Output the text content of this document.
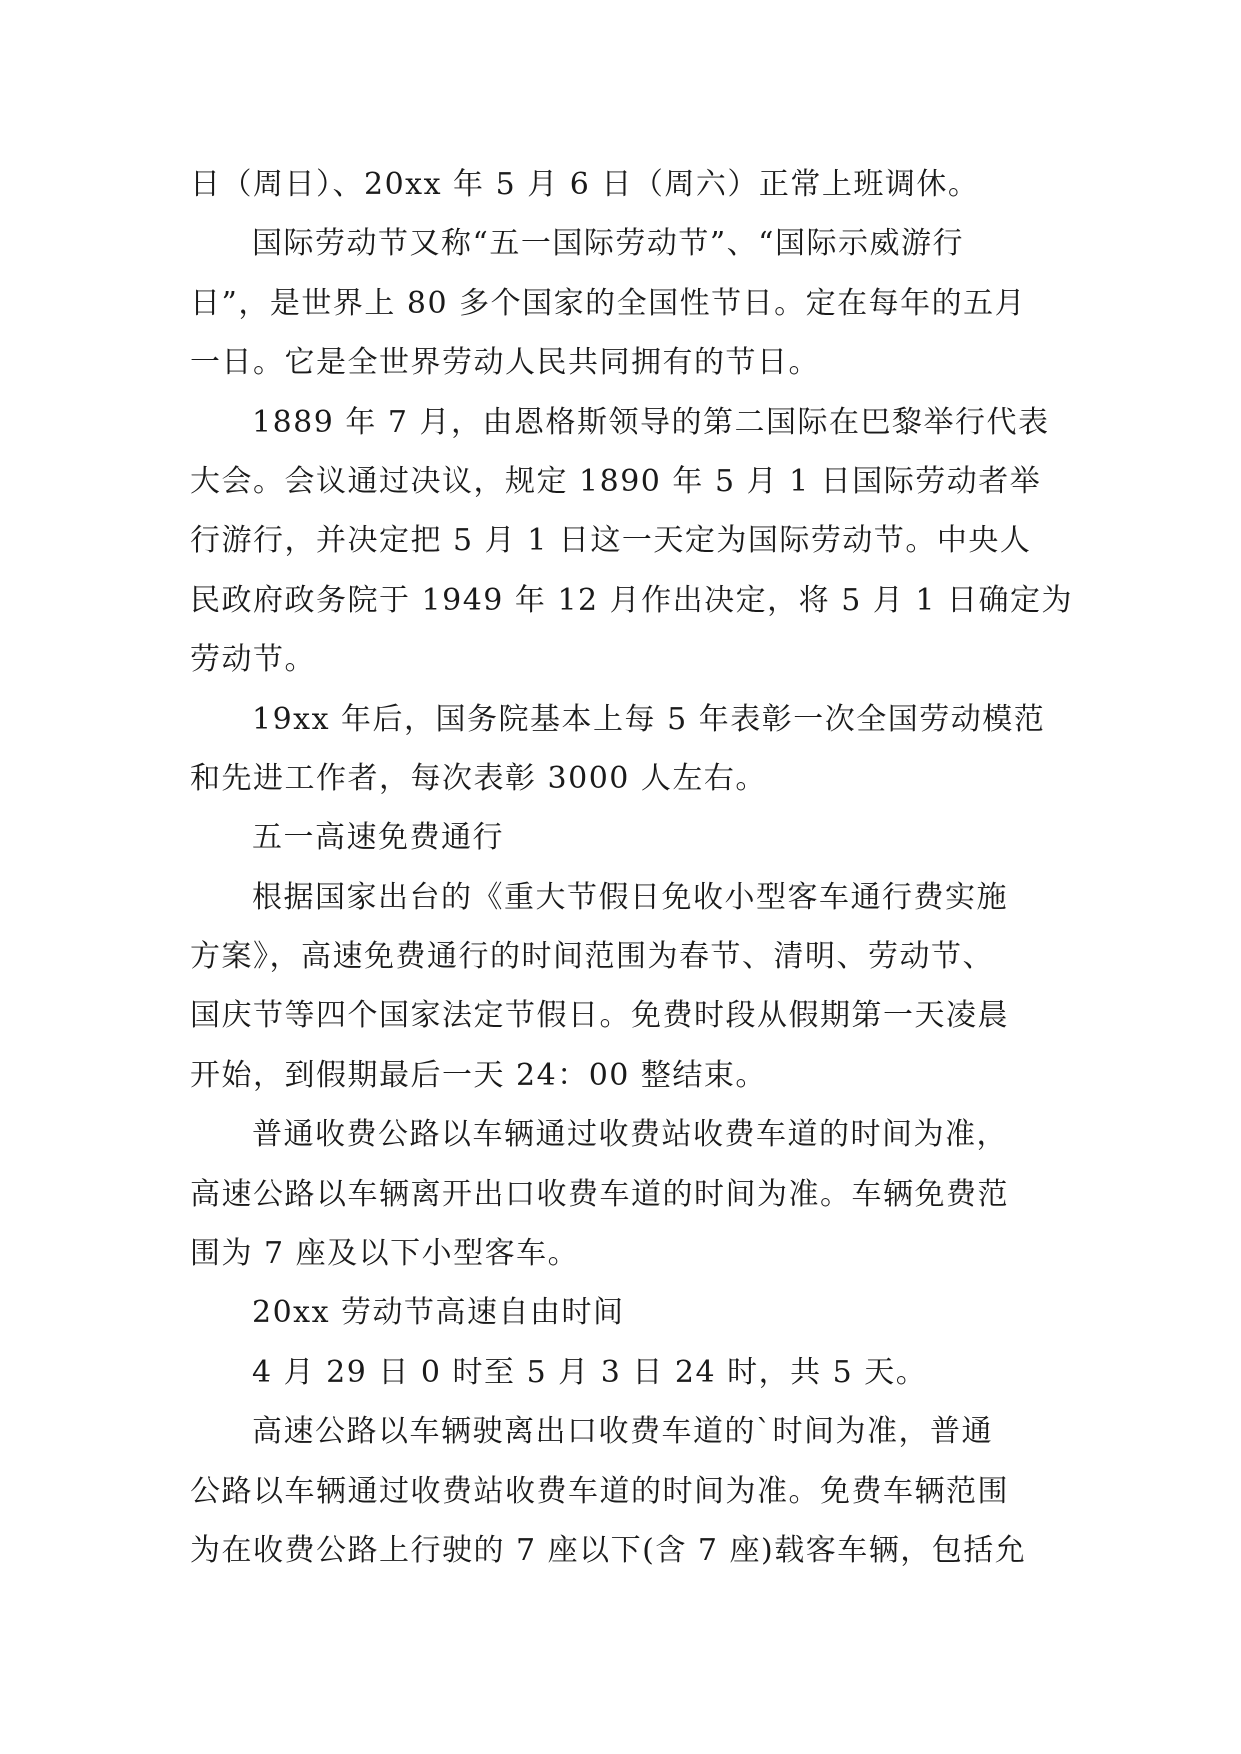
日（周日）、20xx 年 5 月 6 日（周六）正常上班调休。
国际劳动节又称“五一国际劳动节”、“国际示威游行
日”，是世界上 80 多个国家的全国性节日。定在每年的五月
一日。它是全世界劳动人民共同拥有的节日。
1889 年 7 月，由恩格斯领导的第二国际在巴黎举行代表
大会。会议通过决议，规定 1890 年 5 月 1 日国际劳动者举
行游行，并决定把 5 月 1 日这一天定为国际劳动节。中央人
民政府政务院于 1949 年 12 月作出决定，将 5 月 1 日确定为
劳动节。
19xx 年后，国务院基本上每 5 年表彰一次全国劳动模范
和先进工作者，每次表彰 3000 人左右。
五一高速免费通行
根据国家出台的《重大节假日免收小型客车通行费实施
方案》，高速免费通行的时间范围为春节、清明、劳动节、
国庆节等四个国家法定节假日。免费时段从假期第一天凌晨
开始，到假期最后一天 24：00 整结束。
普通收费公路以车辆通过收费站收费车道的时间为准，
高速公路以车辆离开出口收费车道的时间为准。车辆免费范
围为 7 座及以下小型客车。
20xx 劳动节高速自由时间
4 月 29 日 0 时至 5 月 3 日 24 时，共 5 天。
高速公路以车辆驶离出口收费车道的`时间为准，普通
公路以车辆通过收费站收费车道的时间为准。免费车辆范围
为在收费公路上行驶的 7 座以下(含 7 座)载客车辆，包括允
